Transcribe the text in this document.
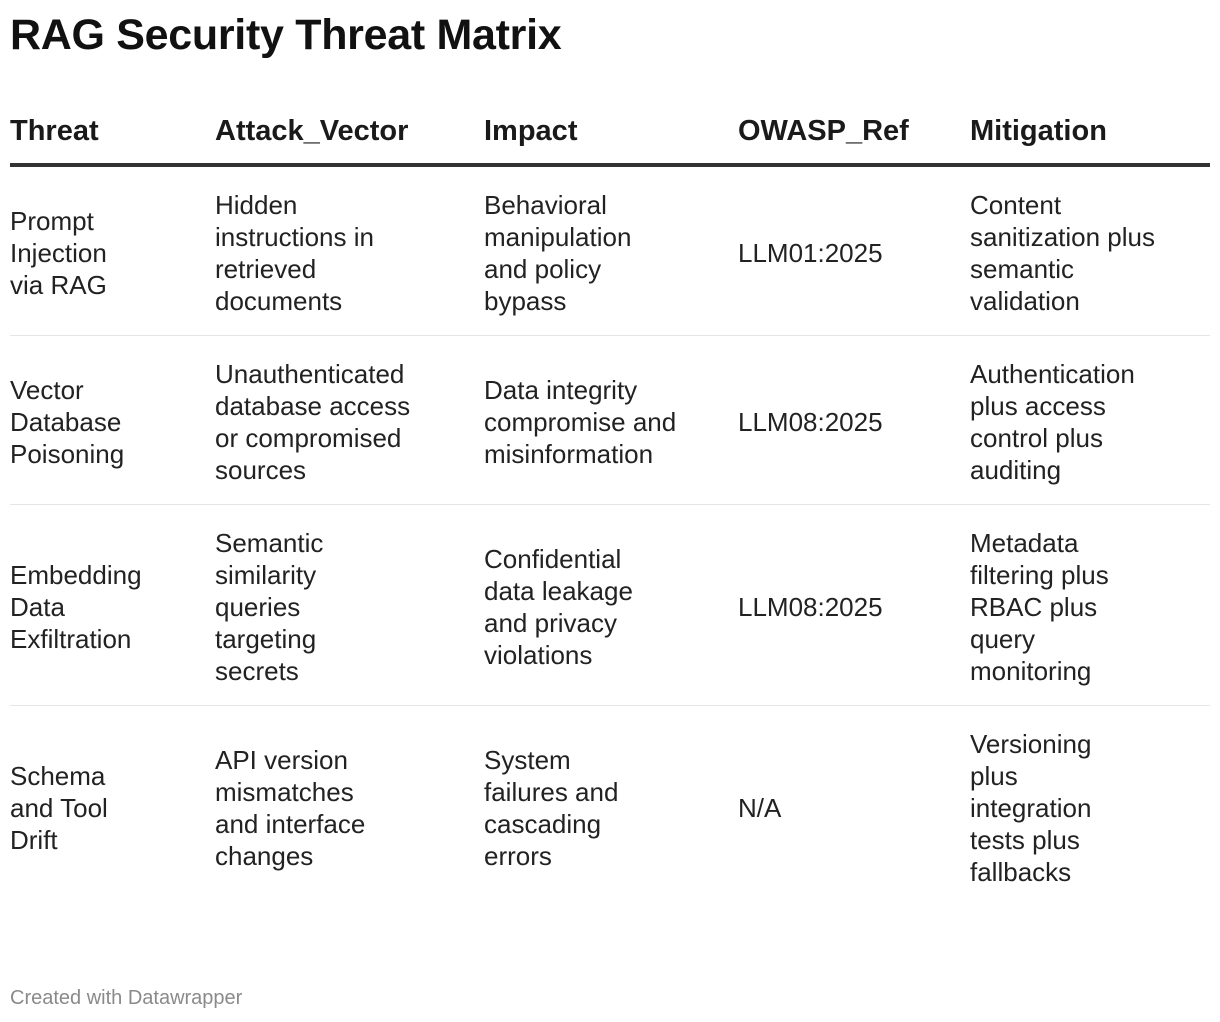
RAG Security Threat Matrix
Threat	Attack_Vector	Impact	OWASP_Ref	Mitigation

Prompt Injection via RAG	Hidden instructions in retrieved documents	Behavioral manipulation and policy bypass	LLM01:2025	Content sanitization plus semantic validation

Vector Database Poisoning	Unauthenticated database access or compromised sources	Data integrity compromise and misinformation	LLM08:2025	Authentication plus access control plus auditing

Embedding Data Exfiltration	Semantic similarity queries targeting secrets	Confidential data leakage and privacy violations	LLM08:2025	Metadata filtering plus RBAC plus query monitoring

Schema and Tool Drift	API version mismatches and interface changes	System failures and cascading errors	N/A	Versioning plus integration tests plus fallbacks
Created with Datawrapper
